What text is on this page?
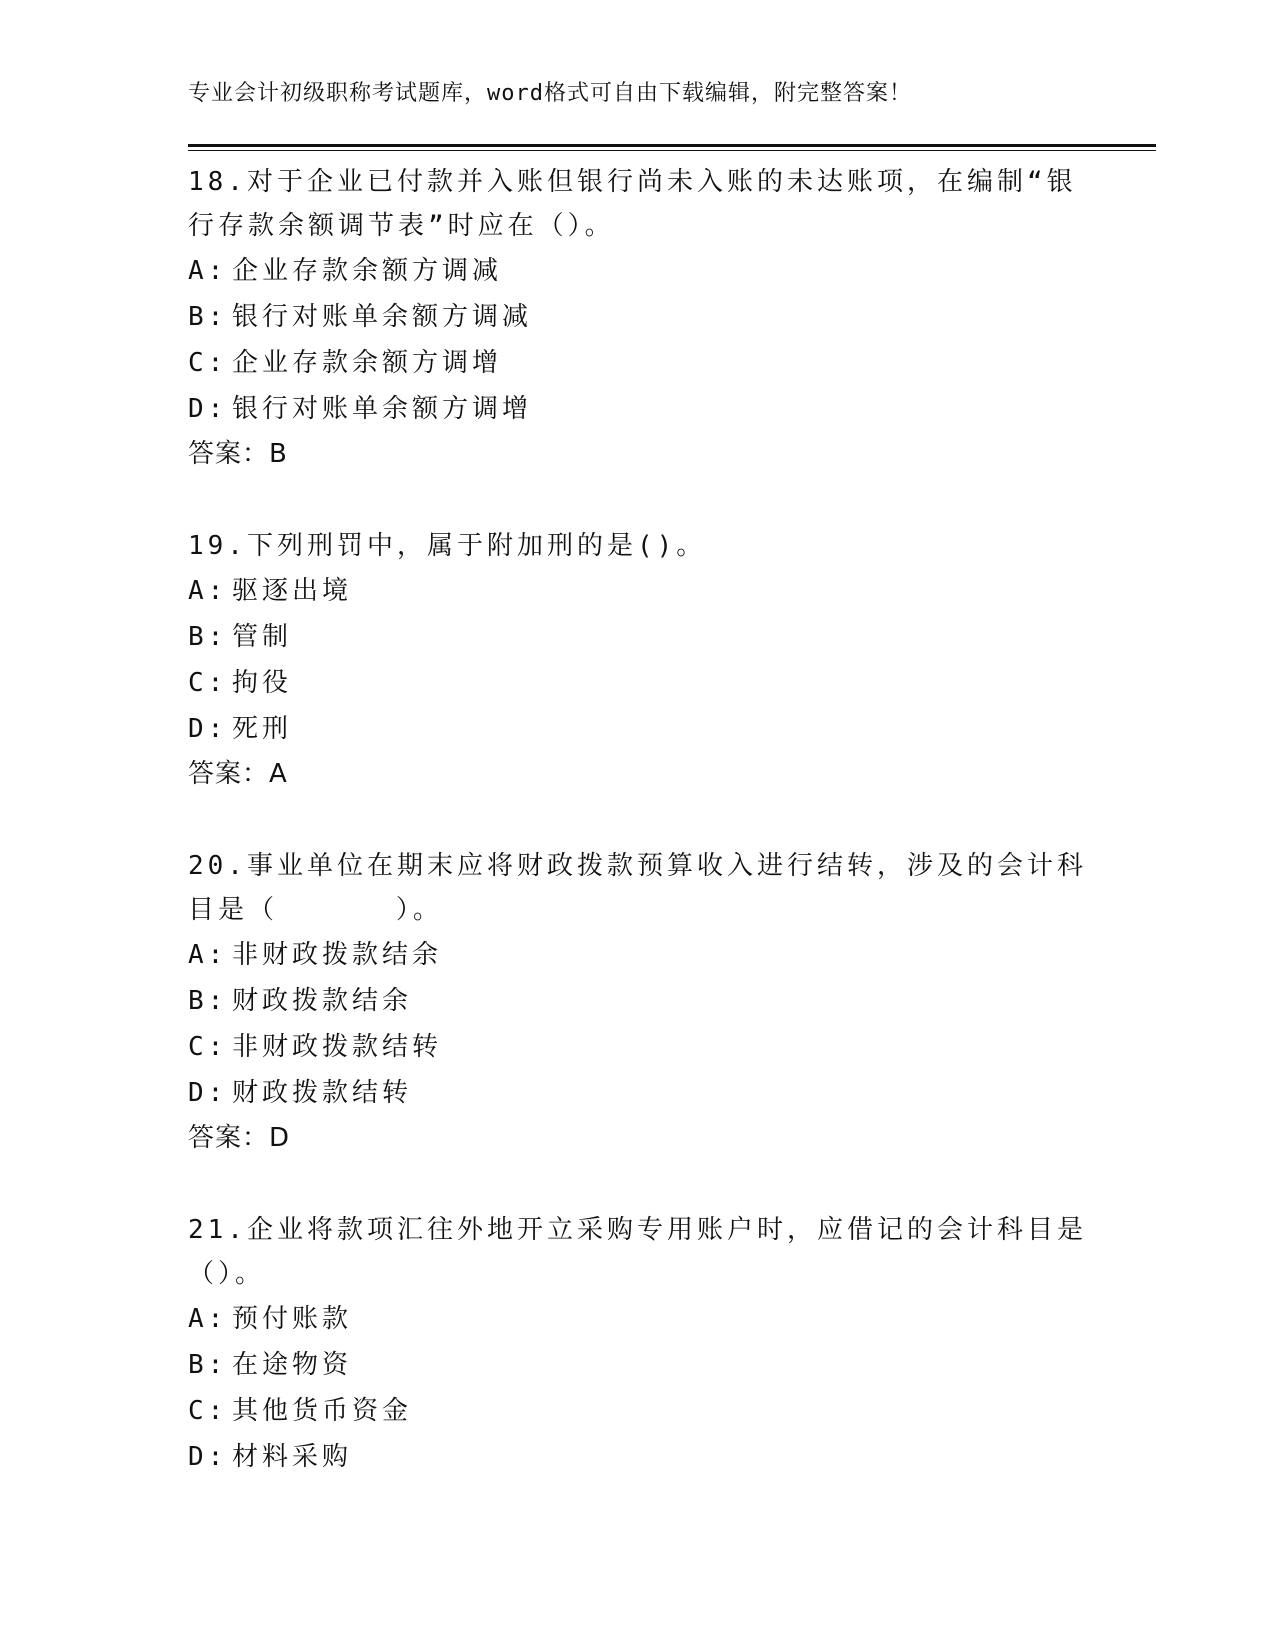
专业会计初级职称考试题库，word格式可自由下载编辑，附完整答案！
18.对于企业已付款并入账但银行尚未入账的未达账项，在编制“银行存款余额调节表”时应在（）。
A: 企业存款余额方调减
B: 银行对账单余额方调减
C: 企业存款余额方调增
D: 银行对账单余额方调增
答案：B
19.下列刑罚中，属于附加刑的是()。
A: 驱逐出境
B: 管制
C: 拘役
D: 死刑
答案：A
20.事业单位在期末应将财政拨款预算收入进行结转，涉及的会计科目是（      ）。
A: 非财政拨款结余
B: 财政拨款结余
C: 非财政拨款结转
D: 财政拨款结转
答案：D
21.企业将款项汇往外地开立采购专用账户时，应借记的会计科目是（）。
A: 预付账款
B: 在途物资
C: 其他货币资金
D: 材料采购
